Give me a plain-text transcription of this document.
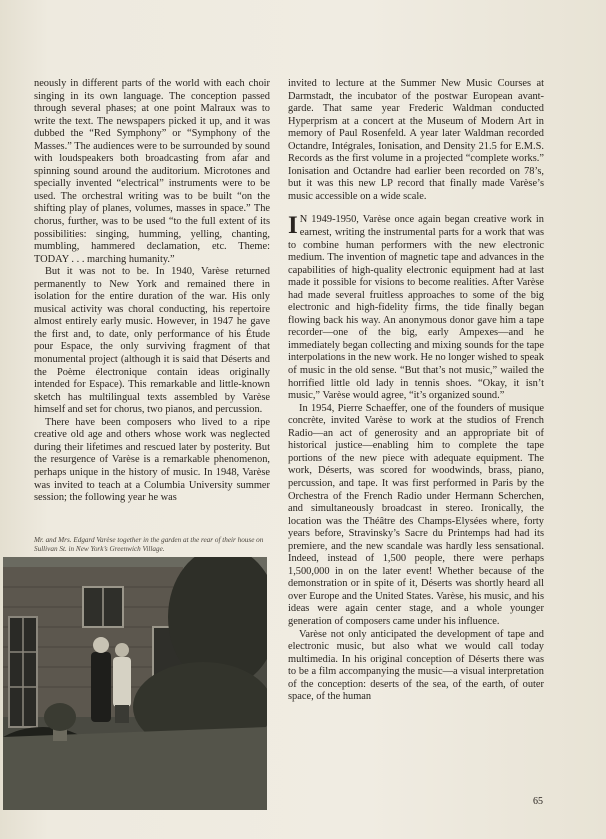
neously in different parts of the world with each choir singing in its own language. The conception passed through several phases; at one point Malraux was to write the text. The newspapers picked it up, and it was dubbed the “Red Symphony” or “Symphony of the Masses.” The audiences were to be surrounded by sound with loudspeakers both broadcasting from afar and spinning sound around the auditorium. Microtones and specially invented “electrical” instruments were to be used. The orchestral writing was to be built “on the shifting play of planes, volumes, masses in space.” The chorus, further, was to be used “to the full extent of its possibilities: singing, humming, yelling, chanting, mumbling, hammered declamation, etc. Theme: TODAY . . . marching humanity.”

But it was not to be. In 1940, Varèse returned permanently to New York and remained there in isolation for the entire duration of the war. His only musical activity was choral conducting, his repertoire almost entirely early music. However, in 1947 he gave the first and, to date, only performance of his Étude pour Espace, the only surviving fragment of that monumental project (although it is said that Déserts and the Poème électronique contain ideas originally intended for Espace). This remarkable and little-known sketch has multilingual texts assembled by Varèse himself and set for chorus, two pianos, and percussion.

There have been composers who lived to a ripe creative old age and others whose work was neglected during their lifetimes and rescued later by posterity. But the resurgence of Varèse is a remarkable phenomenon, perhaps unique in the history of music. In 1948, Varèse was invited to teach at a Columbia University summer session; the following year he was

Mr. and Mrs. Edgard Varèse together in the garden at the rear of their house on Sullivan St. in New York’s Greenwich Village.

invited to lecture at the Summer New Music Courses at Darmstadt, the incubator of the postwar European avant-garde. That same year Frederic Waldman conducted Hyperprism at a concert at the Museum of Modern Art in memory of Paul Rosenfeld. A year later Waldman recorded Octandre, Intégrales, Ionisation, and Density 21.5 for E.M.S. Records as the first volume in a projected “complete works.” Ionisation and Octandre had earlier been recorded on 78’s, but it was this new LP record that finally made Varèse’s music accessible on a wide scale.

I N 1949-1950, Varèse once again began creative work in earnest, writing the instrumental parts for a work that was to combine human performers with the new electronic medium. The invention of magnetic tape and advances in the capabilities of high-quality electronic equipment had at last made it possible for visions to become realities. After Varèse had made several fruitless approaches to some of the big electronic and high-fidelity firms, the tide finally began flowing back his way. An anonymous donor gave him a tape recorder—one of the big, early Ampexes—and he immediately began collecting and mixing sounds for the tape interpolations in the new work. He no longer wished to speak of music in the old sense. “But that’s not music,” wailed the horrified little old lady in tennis shoes. “Okay, it isn’t music,” Varèse would agree, “it’s organized sound.”

In 1954, Pierre Schaeffer, one of the founders of musique concrète, invited Varèse to work at the studios of French Radio—an act of generosity and an appropriate bit of historical justice—enabling him to complete the tape portions of the new piece with adequate equipment. The work, Déserts, was scored for woodwinds, brass, piano, percussion, and tape. It was first performed in Paris by the Orchestra of the French Radio under Hermann Scherchen, and simultaneously broadcast in stereo. Ironically, the location was the Théâtre des Champs-Elysées where, forty years before, Stravinsky’s Sacre du Printemps had had its premiere, and the new scandale was hardly less sensational. Indeed, instead of 1,500 people, there were perhaps 1,500,000 in on the later event! Whether because of the demonstration or in spite of it, Déserts was shortly heard all over Europe and the United States. Varèse, his music, and his ideas were again center stage, and a whole younger generation of composers came under his influence.

Varèse not only anticipated the development of tape and electronic music, but also what we would call today multimedia. In his original conception of Déserts there was to be a film accompanying the music—a visual interpretation of the conception: deserts of the sea, of the earth, of outer space, of the human

65
